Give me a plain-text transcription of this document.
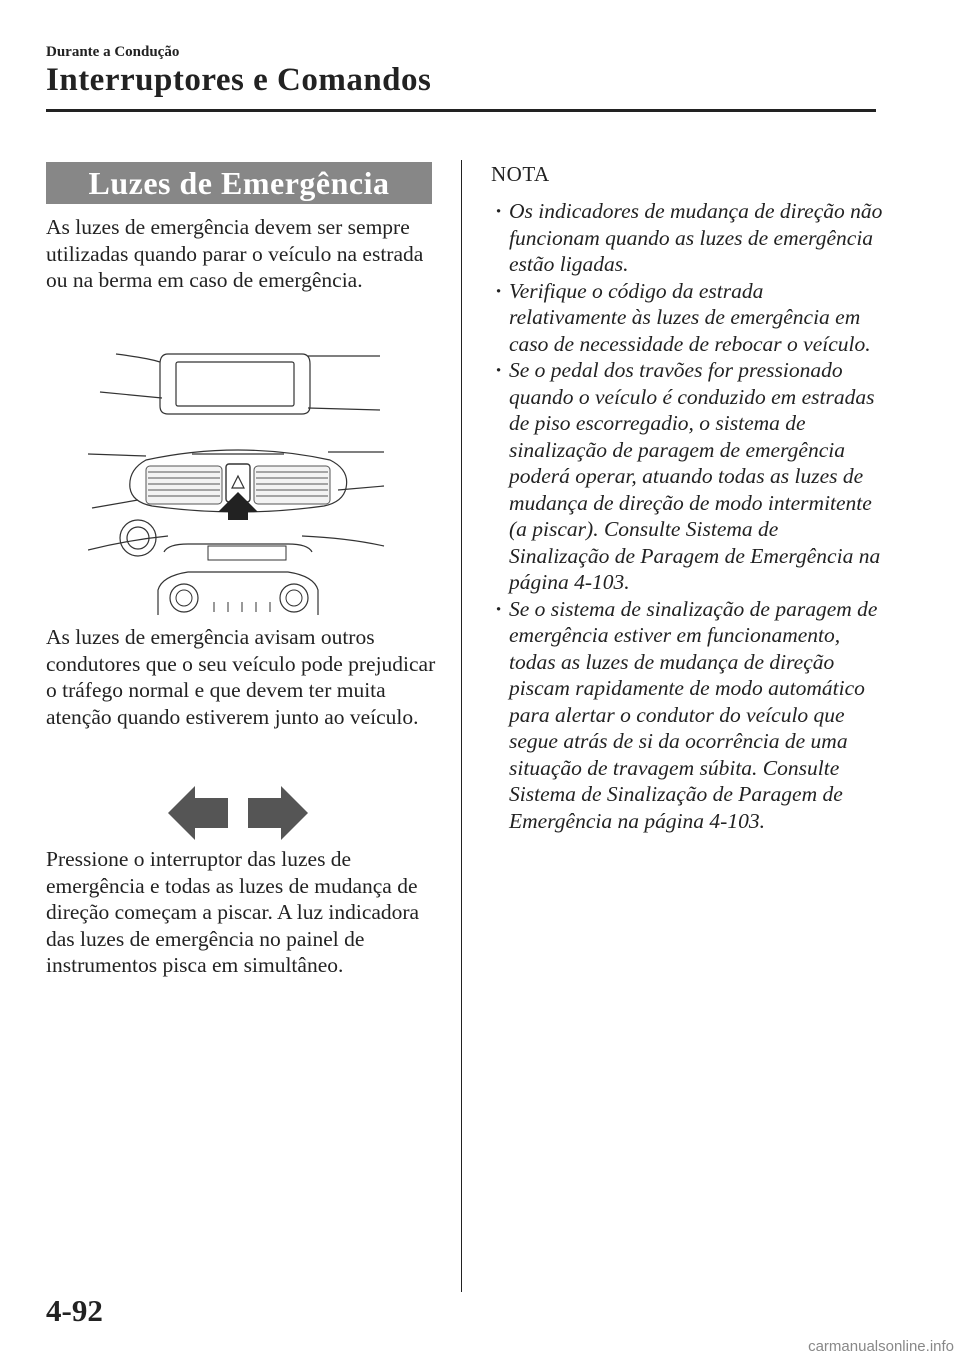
Durante a Condução
Interruptores e Comandos
Luzes de Emergência
As luzes de emergência devem ser sempre utilizadas quando parar o veículo na estrada ou na berma em caso de emergência.
As luzes de emergência avisam outros condutores que o seu veículo pode prejudicar o tráfego normal e que devem ter muita atenção quando estiverem junto ao veículo.
Pressione o interruptor das luzes de emergência e todas as luzes de mudança de direção começam a piscar. A luz indicadora das luzes de emergência no painel de instrumentos pisca em simultâneo.
NOTA
· Os indicadores de mudança de direção não funcionam quando as luzes de emergência estão ligadas.
· Verifique o código da estrada relativamente às luzes de emergência em caso de necessidade de rebocar o veículo.
· Se o pedal dos travões for pressionado quando o veículo é conduzido em estradas de piso escorregadio, o sistema de sinalização de paragem de emergência poderá operar, atuando todas as luzes de mudança de direção de modo intermitente (a piscar). Consulte Sistema de Sinalização de Paragem de Emergência na página 4-103.
· Se o sistema de sinalização de paragem de emergência estiver em funcionamento, todas as luzes de mudança de direção piscam rapidamente de modo automático para alertar o condutor do veículo que segue atrás de si da ocorrência de uma situação de travagem súbita. Consulte Sistema de Sinalização de Paragem de Emergência na página 4-103.
4-92
carmanualsonline.info
